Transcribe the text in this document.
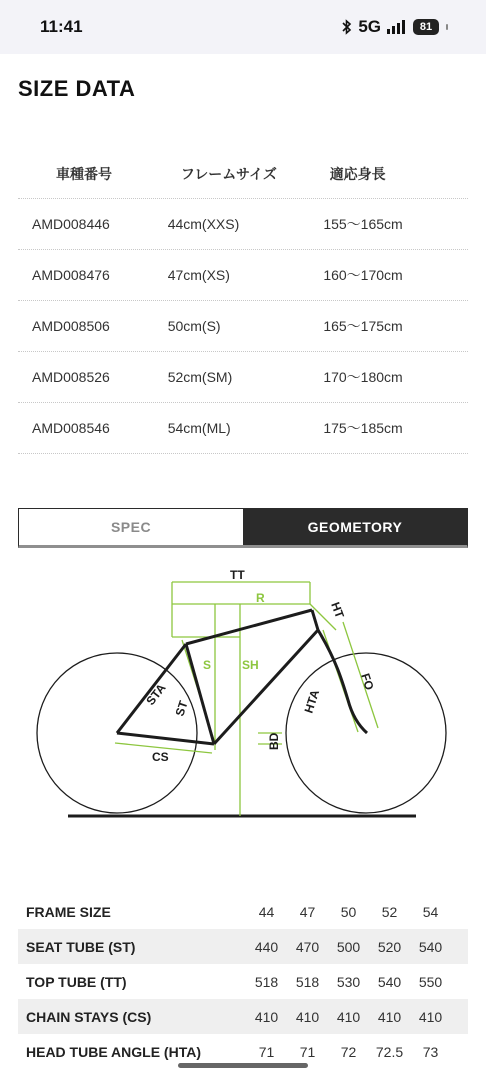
11:41	5G	81
SIZE DATA
車種番号	フレームサイズ	適応身長
AMD008446	44cm(XXS)	155〜165cm
AMD008476	47cm(XS)	160〜170cm
AMD008506	50cm(S)	165〜175cm
AMD008526	52cm(SM)	170〜180cm
AMD008546	54cm(ML)	175〜185cm
SPEC	GEOMETORY
TT
R
S	SH
HT
STA
ST	HTA
FO
BD
CS
FRAME SIZE	44	47	50	52	54
SEAT TUBE (ST)	440	470	500	520	540
TOP TUBE (TT)	518	518	530	540	550
CHAIN STAYS (CS)	410	410	410	410	410
HEAD TUBE ANGLE (HTA)	71	71	72	72.5	73
